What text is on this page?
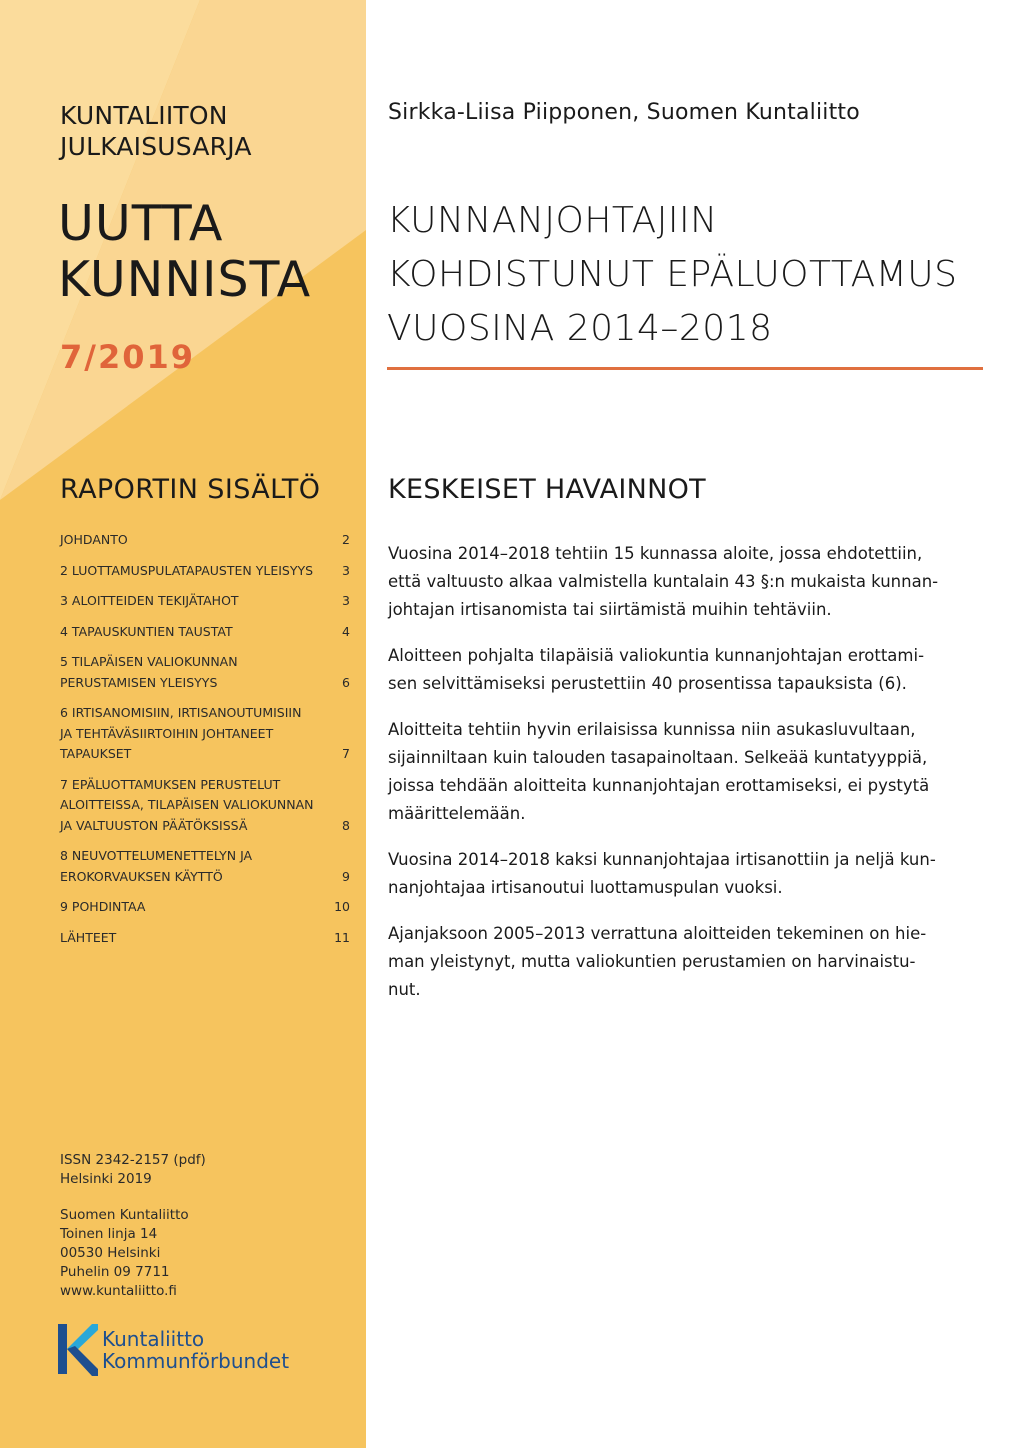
KUNTALIITON
JULKAISUSARJA
UUTTA
KUNNISTA
7/2019
RAPORTIN SISÄLTÖ
JOHDANTO	2
2 LUOTTAMUSPULATAPAUSTEN YLEISYYS	3
3 ALOITTEIDEN TEKIJÄTAHOT	3
4 TAPAUSKUNTIEN TAUSTAT	4
5 TILAPÄISEN VALIOKUNNAN
PERUSTAMISEN YLEISYYS	6
6 IRTISANOMISIIN, IRTISANOUTUMISIIN
JA TEHTÄVÄSIIRTOIHIN JOHTANEET
TAPAUKSET	7
7 EPÄLUOTTAMUKSEN PERUSTELUT
ALOITTEISSA, TILAPÄISEN VALIOKUNNAN
JA VALTUUSTON PÄÄTÖKSISSÄ	8
8 NEUVOTTELUMENETTELYN JA
EROKORVAUKSEN KÄYTTÖ	9
9 POHDINTAA	10
LÄHTEET	11
ISSN 2342-2157 (pdf)
Helsinki 2019
Suomen Kuntaliitto
Toinen linja 14
00530 Helsinki
Puhelin 09 7711
www.kuntaliitto.fi
Kuntaliitto
Kommunförbundet
Sirkka-Liisa Piipponen, Suomen Kuntaliitto
KUNNANJOHTAJIIN
KOHDISTUNUT EPÄLUOTTAMUS
VUOSINA 2014–2018
KESKEISET HAVAINNOT

Vuosina 2014–2018 tehtiin 15 kunnassa aloite, jossa ehdotettiin,
että valtuusto alkaa valmistella kuntalain 43 §:n mukaista kunnan-
johtajan irtisanomista tai siirtämistä muihin tehtäviin.

Aloitteen pohjalta tilapäisiä valiokuntia kunnanjohtajan erottami-
sen selvittämiseksi perustettiin 40 prosentissa tapauksista (6).

Aloitteita tehtiin hyvin erilaisissa kunnissa niin asukasluvultaan,
sijainniltaan kuin talouden tasapainoltaan. Selkeää kuntatyyppiä,
joissa tehdään aloitteita kunnanjohtajan erottamiseksi, ei pystytä
määrittelemään.

Vuosina 2014–2018 kaksi kunnanjohtajaa irtisanottiin ja neljä kun-
nanjohtajaa irtisanoutui luottamuspulan vuoksi.

Ajanjaksoon 2005–2013 verrattuna aloitteiden tekeminen on hie-
man yleistynyt, mutta valiokuntien perustamien on harvinaistu-
nut.
